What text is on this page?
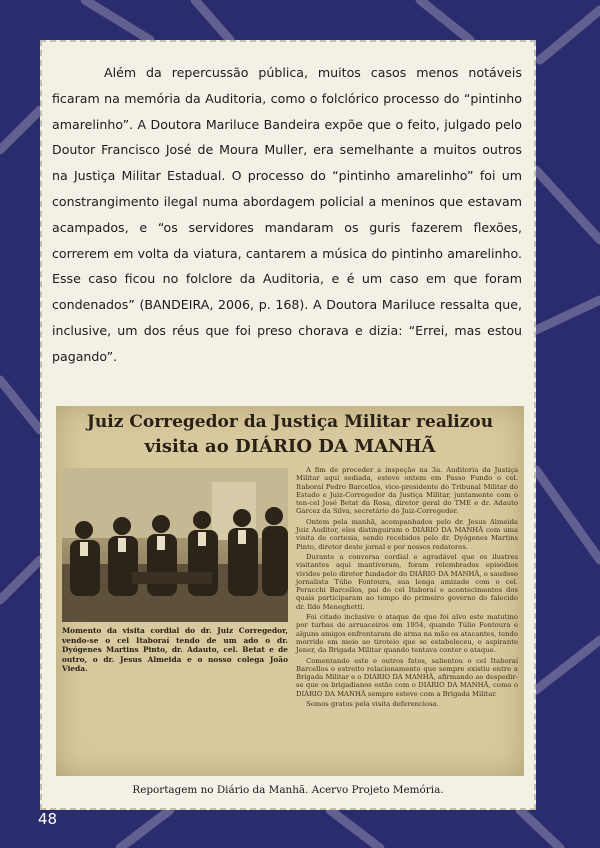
Além da repercussão pública, muitos casos menos notáveis ficaram na memória da Auditoria, como o folclórico processo do “pintinho amarelinho”. A Doutora Mariluce Bandeira expõe que o feito, julgado pelo Doutor Francisco José de Moura Muller, era semelhante a muitos outros na Justiça Militar Estadual. O processo do “pintinho amarelinho” foi um constrangimento ilegal numa abordagem policial a meninos que estavam acampados, e “os servidores mandaram os guris fazerem flexões, correrem em volta da viatura, cantarem a música do pintinho amarelinho. Esse caso ficou no folclore da Auditoria, e é um caso em que foram condenados” (BANDEIRA, 2006, p. 168). A Doutora Mariluce ressalta que, inclusive, um dos réus que foi preso chorava e dizia: “Errei, mas estou pagando”.

Juiz Corregedor da Justiça Militar realizou
visita ao DIÁRIO DA MANHÃ
Momento da visita cordial do dr. Juiz Corregedor, vendo-se o cel Itaboraí tendo de um ado o dr. Dyógenes Martins Pinto, dr. Adauto, cel. Betat e de outro, o dr. Jesus Almeida e o nosso colega João Vieda.

A fim de proceder a inspeção na 3a. Auditoria da Justiça Militar aqui sediada, esteve ontem em Passo Fundo o cel. Itaboraí Pedro Barcellos, vice-presidente do Tribunal Militar do Estado e Juiz-Corregedor da Justiça Militar, juntamente com o ten-cel José Betat da Rosa, diretor geral do TME e dr. Adauto Garcez da Silva, secretário do Juiz-Corregedor.

Ontem pela manhã, acompanhados pelo dr. Jesus Almeida Juiz Auditor, eles distinguiram o DIÁRIO DA MANHÃ com uma visita de cortesia, sendo recebidos pelo dr. Dyógenes Martins Pinto, diretor deste jornal e por nossos redatores.

Durante a conversa cordial e agradável que os ilustres visitantes aqui mantiveram, foram relembrados episódios vividos pelo diretor fundador do DIÁRIO DA MANHÃ, o saudoso jornalista Túlio Fontoura, sua longa amizade com o cel. Peracchi Barcellos, pai do cel Itaboraí e acontecimentos dos quais participaram ao tempo do primeiro governo do falecido dr. Ildo Meneghetti.

Foi citado inclusive o ataque de que foi alvo este matutino por turbas de arruaceiros em 1954, quando Túlio Fontoura e alguns amigos enfrentaram de arma na mão os atacantes, tendo morrido em meio ao tiroteio que se estabeleceu, o aspirante Jener, da Brigada Militar quando tentava conter o ataque.

Comentando este e outros fatos, salientou o cel Itaboraí Barcellos o estreito relacionamento que sempre existiu entre a Brigada Militar e o DIÁRIO DA MANHÃ, afirmando ao despedir-se que os brigadianos estão com o DIÁRIO DA MANHÃ, como o DIÁRIO DA MANHÃ sempre esteve com a Brigada Militar.

Somos gratos pela visita deferenciosa.

Reportagem no Diário da Manhã. Acervo Projeto Memória.
48
